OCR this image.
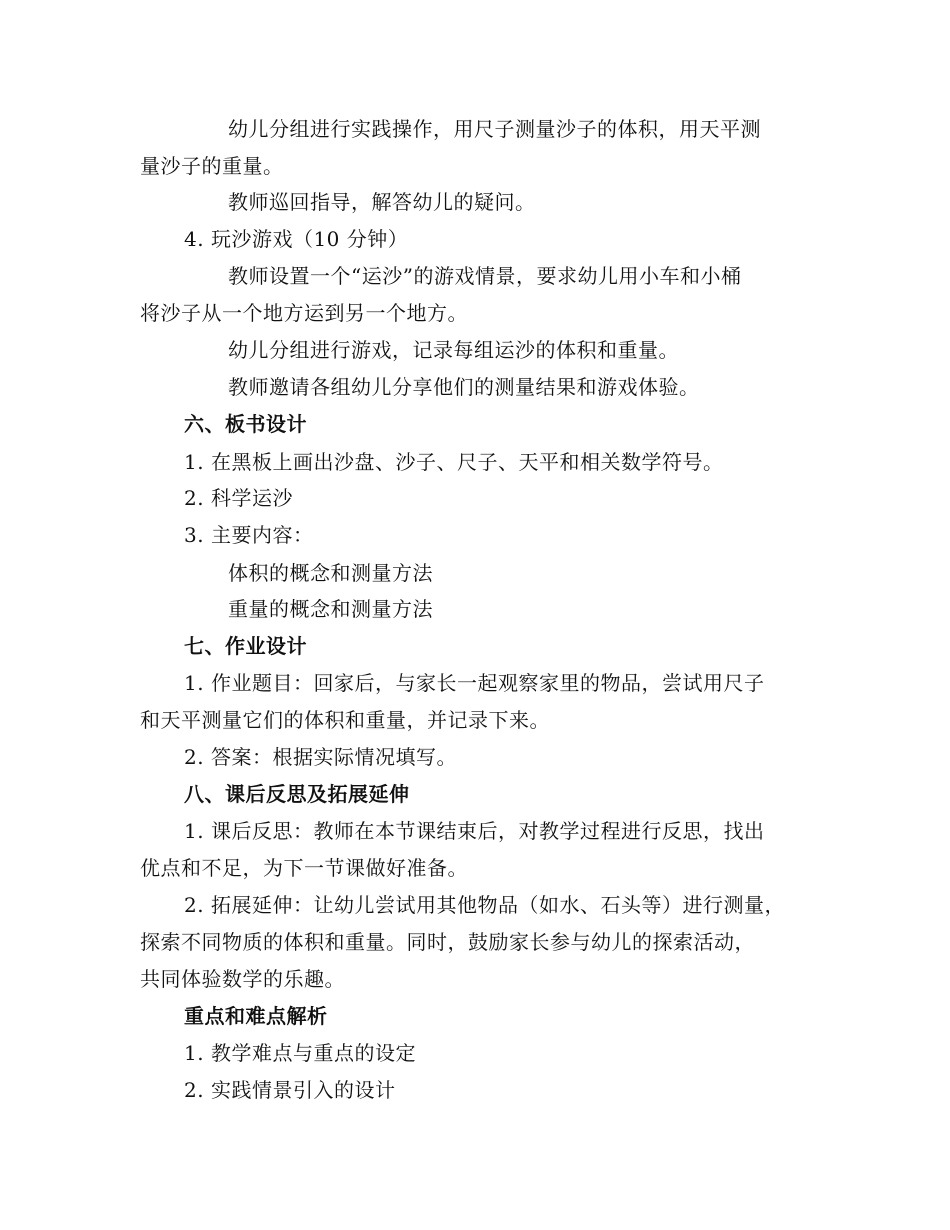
幼儿分组进行实践操作，用尺子测量沙子的体积，用天平测
量沙子的重量。
教师巡回指导，解答幼儿的疑问。
4. 玩沙游戏（10 分钟）
教师设置一个“运沙”的游戏情景，要求幼儿用小车和小桶
将沙子从一个地方运到另一个地方。
幼儿分组进行游戏，记录每组运沙的体积和重量。
教师邀请各组幼儿分享他们的测量结果和游戏体验。
六、板书设计
1. 在黑板上画出沙盘、沙子、尺子、天平和相关数学符号。
2. 科学运沙
3. 主要内容：
体积的概念和测量方法
重量的概念和测量方法
七、作业设计
1. 作业题目：回家后，与家长一起观察家里的物品，尝试用尺子
和天平测量它们的体积和重量，并记录下来。
2. 答案：根据实际情况填写。
八、课后反思及拓展延伸
1. 课后反思：教师在本节课结束后，对教学过程进行反思，找出
优点和不足，为下一节课做好准备。
2. 拓展延伸：让幼儿尝试用其他物品（如水、石头等）进行测量，
探索不同物质的体积和重量。同时，鼓励家长参与幼儿的探索活动，
共同体验数学的乐趣。
重点和难点解析
1. 教学难点与重点的设定
2. 实践情景引入的设计
